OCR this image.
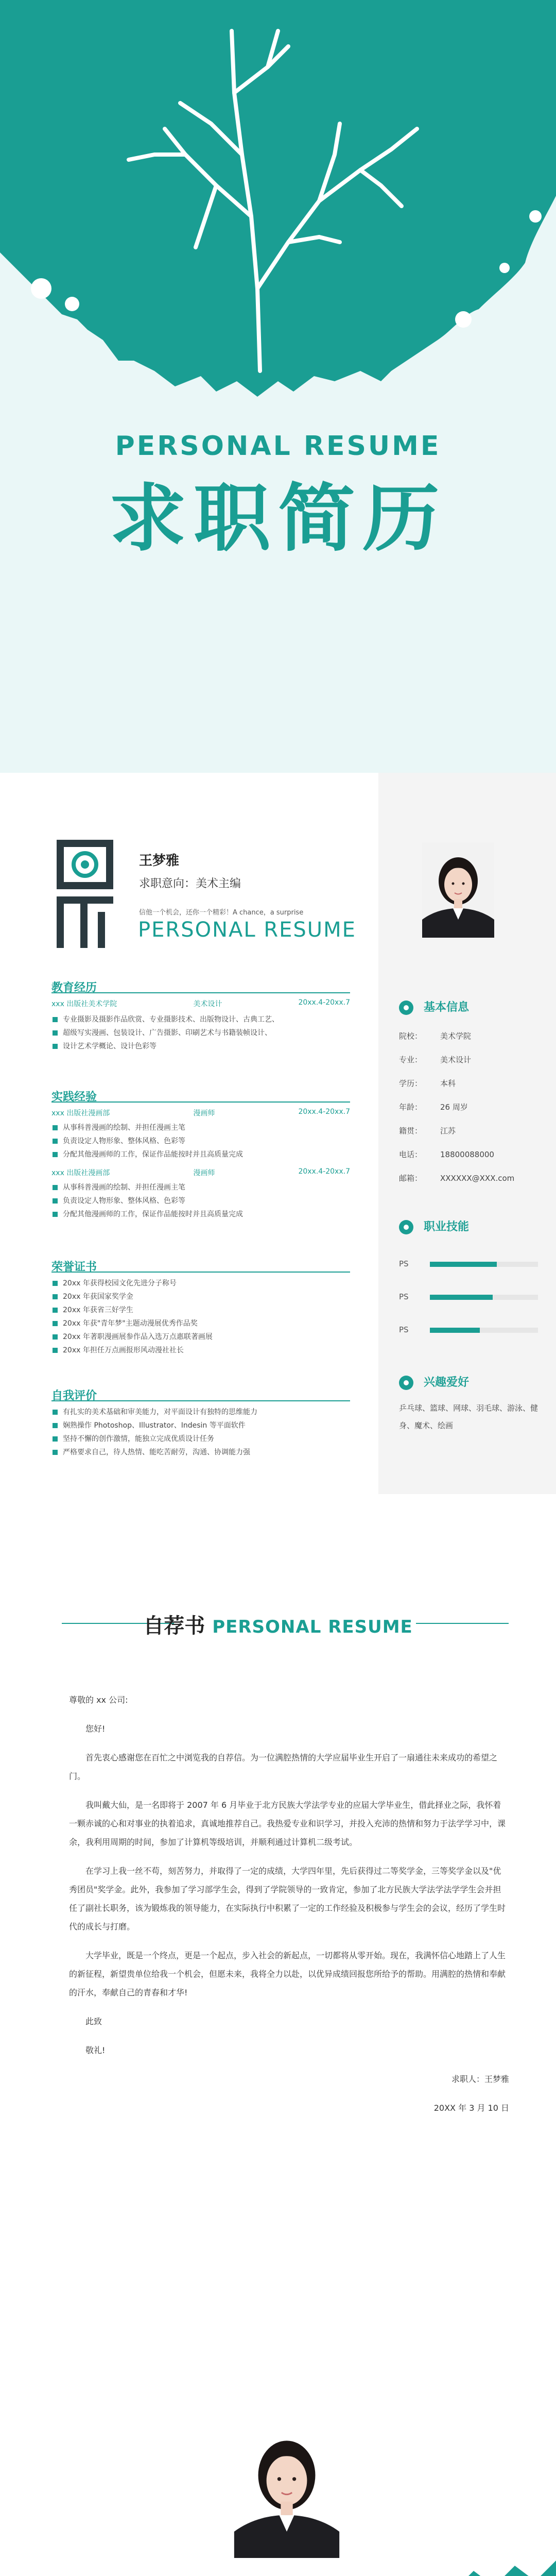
PERSONAL RESUME
求职简历
基本信息
院校： 美术学院
专业： 美术设计
学历： 本科
年龄： 26 周岁
籍贯： 江苏
电话： 18800088000
邮箱： XXXXXX@XXX.com
职业技能
PS
PS
PS
兴趣爱好
乒乓球、篮球、网球、羽毛球、游泳、健身、魔术、绘画
王梦雅
求职意向：美术主编
信他一个机会，还你一个精彩！A chance，a surprise
PERSONAL RESUME
教育经历
xxx 出版社美术学院	美术设计	20xx.4-20xx.7
专业摄影及摄影作品欣赏、专业摄影技术、出版物设计、古典工艺、
超级写实漫画、包装设计、广告摄影、印刷艺术与书籍装帧设计、
设计艺术学概论、设计色彩等
实践经验
xxx 出版社漫画部	漫画师	20xx.4-20xx.7
从事科普漫画的绘制、并担任漫画主笔
负责设定人物形象、整体风格、色彩等
分配其他漫画师的工作，保证作品能按时并且高质量完成
xxx 出版社漫画部	漫画师	20xx.4-20xx.7
从事科普漫画的绘制、并担任漫画主笔
负责设定人物形象、整体风格、色彩等
分配其他漫画师的工作，保证作品能按时并且高质量完成
荣誉证书
20xx 年获得校园文化先进分子称号
20xx 年获国家奖学金
20xx 年获省三好学生
20xx 年获"青年梦"主题动漫展优秀作品奖
20xx 年著职漫画展参作品入选万点惠联著画展
20xx 年担任万点画报形风动漫社社长
自我评价
有扎实的美术基础和审美能力，对平面设计有独特的思维能力
娴熟操作 Photoshop、Illustrator、Indesin 等平面软件
坚持不懈的创作激情，能独立完成优质设计任务
严格要求自己，待人热情、能吃苦耐劳，沟通、协调能力强
自荐书 PERSONAL RESUME

尊敬的 xx 公司:

您好!

首先衷心感谢您在百忙之中浏览我的自荐信。为一位满腔热情的大学应届毕业生开启了一扇通往未来成功的希望之门。

我叫戴大仙，是一名即将于 2007 年 6 月毕业于北方民族大学法学专业的应届大学毕业生，借此择业之际，我怀着一颗赤诚的心和对事业的执着追求，真诚地推荐自己。我热爱专业和识学习，并投入充沛的热情和努力于法学学习中，课余，我利用周期的时间，参加了计算机等级培训，并顺利通过计算机二级考试。

在学习上我一丝不苟，刻苦努力，并取得了一定的成绩，大学四年里，先后获得过二等奖学金，三等奖学金以及"优秀团员"奖学金。此外，我参加了学习部学生会，得到了学院领导的一致肯定，参加了北方民族大学法学法学学生会并担任了副社长职务，该为锻炼我的领导能力，在实际执行中积累了一定的工作经验及积极参与学生会的会议，经历了学生时代的成长与打磨。

大学毕业，既是一个终点，更是一个起点，步入社会的新起点，一切都将从零开始。现在，我满怀信心地踏上了人生的新征程，新望贵单位给我一个机会，但愿未来，我将全力以赴，以优异成绩回报您所给予的帮助。用满腔的热情和奉献的汗水，奉献自己的青春和才华!

此致

敬礼!

求职人：王梦雅

20XX 年 3 月 10 日
